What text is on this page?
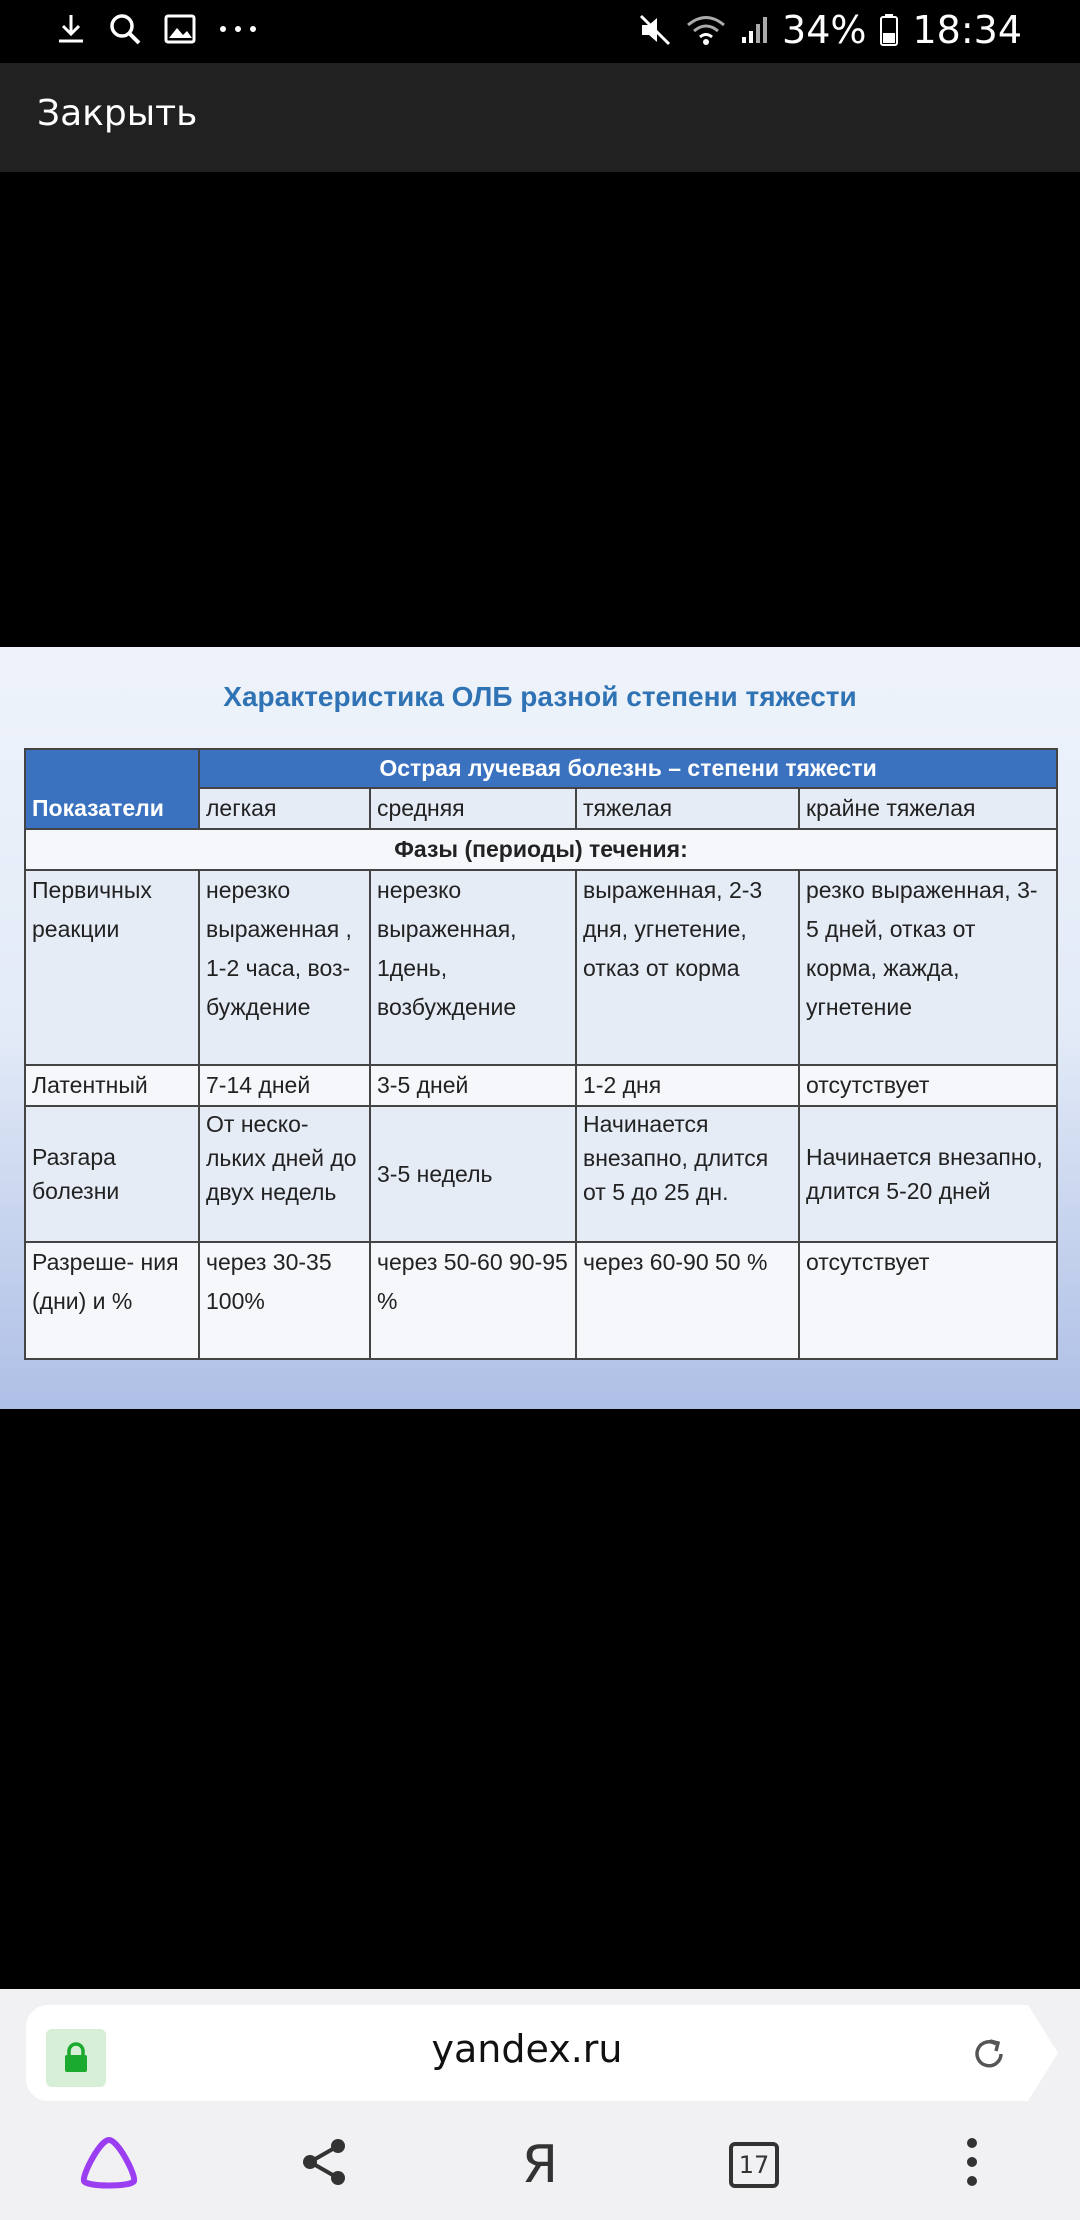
34% 18:34
Закрыть
Характеристика ОЛБ разной степени тяжести
Показатели	Острая лучевая болезнь – степени тяжести			
	легкая	средняя	тяжелая	крайне тяжелая
Фазы (периоды) течения:				
Первичных реакции	нерезко выраженная , 1-2 часа, воз- буждение	нерезко выраженная, 1день, возбуждение	выраженная, 2-3 дня, угнетение, отказ от корма	резко выраженная, 3-5 дней, отказ от корма, жажда, угнетение
Латентный	7-14 дней	3-5 дней	1-2 дня	отсутствует
Разгара болезни	От неско- льких дней до двух недель	3-5 недель	Начинается внезапно, длится от 5 до 25 дн.	Начинается внезапно, длится 5-20 дней
Разреше- ния (дни) и %	через 30-35 100%	через 50-60 90-95 %	через 60-90 50 %	отсутствует
yandex.ru
Я	17
